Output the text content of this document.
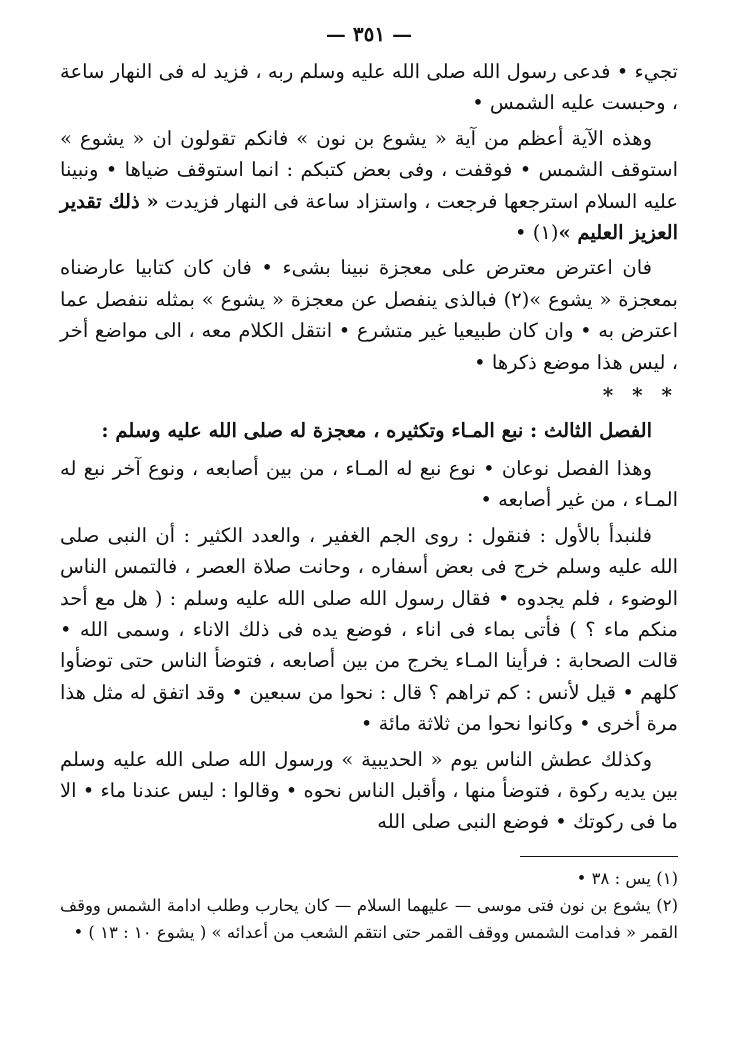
— ٣٥١ —

تجيء • فدعى رسول الله صلى الله عليه وسلم ربه ، فزيد له فى النهار ساعة ، وحبست عليه الشمس •

وهذه الآية أعظم من آية « يشوع بن نون » فانكم تقولون ان « يشوع » استوقف الشمس • فوقفت ، وفى بعض كتبكم : انما استوقف ضياها • ونبينا عليه السلام استرجعها فرجعت ، واستزاد ساعة فى النهار فزيدت « ذلك تقدير العزيز العليم »(١) •

فان اعترض معترض على معجزة نبينا بشىء • فان كان كتابيا عارضناه بمعجزة « يشوع »(٢) فبالذى ينفصل عن معجزة « يشوع » بمثله ننفصل عما اعترض به • وان كان طبيعيا غير متشرع • انتقل الكلام معه ، الى مواضع أخر ، ليس هذا موضع ذكرها •

* * *

الفصل الثالث : نبع المـاء وتكثيره ، معجزة له صلى الله عليه وسلم :

وهذا الفصل نوعان • نوع نبع له المـاء ، من بين أصابعه ، ونوع آخر نبع له المـاء ، من غير أصابعه •

فلنبدأ بالأول : فنقول : روى الجم الغفير ، والعدد الكثير : أن النبى صلى الله عليه وسلم خرج فى بعض أسفاره ، وحانت صلاة العصر ، فالتمس الناس الوضوء ، فلم يجدوه • فقال رسول الله صلى الله عليه وسلم : ( هل مع أحد منكم ماء ؟ ) فأتى بماء فى اناء ، فوضع يده فى ذلك الاناء ، وسمى الله • قالت الصحابة : فرأينا المـاء يخرج من بين أصابعه ، فتوضأ الناس حتى توضأوا كلهم • قيل لأنس : كم تراهم ؟ قال : نحوا من سبعين • وقد اتفق له مثل هذا مرة أخرى • وكانوا نحوا من ثلاثة مائة •

وكذلك عطش الناس يوم « الحديبية » ورسول الله صلى الله عليه وسلم بين يديه ركوة ، فتوضأ منها ، وأقبل الناس نحوه • وقالوا : ليس عندنا ماء • الا ما فى ركوتك • فوضع النبى صلى الله

(١) يس : ٣٨ •

(٢) يشوع بن نون فتى موسى — عليهما السلام — كان يحارب وطلب ادامة الشمس ووقف القمر « فدامت الشمس ووقف القمر حتى انتقم الشعب من أعدائه » ( يشوع ١٠ : ١٣ ) •
